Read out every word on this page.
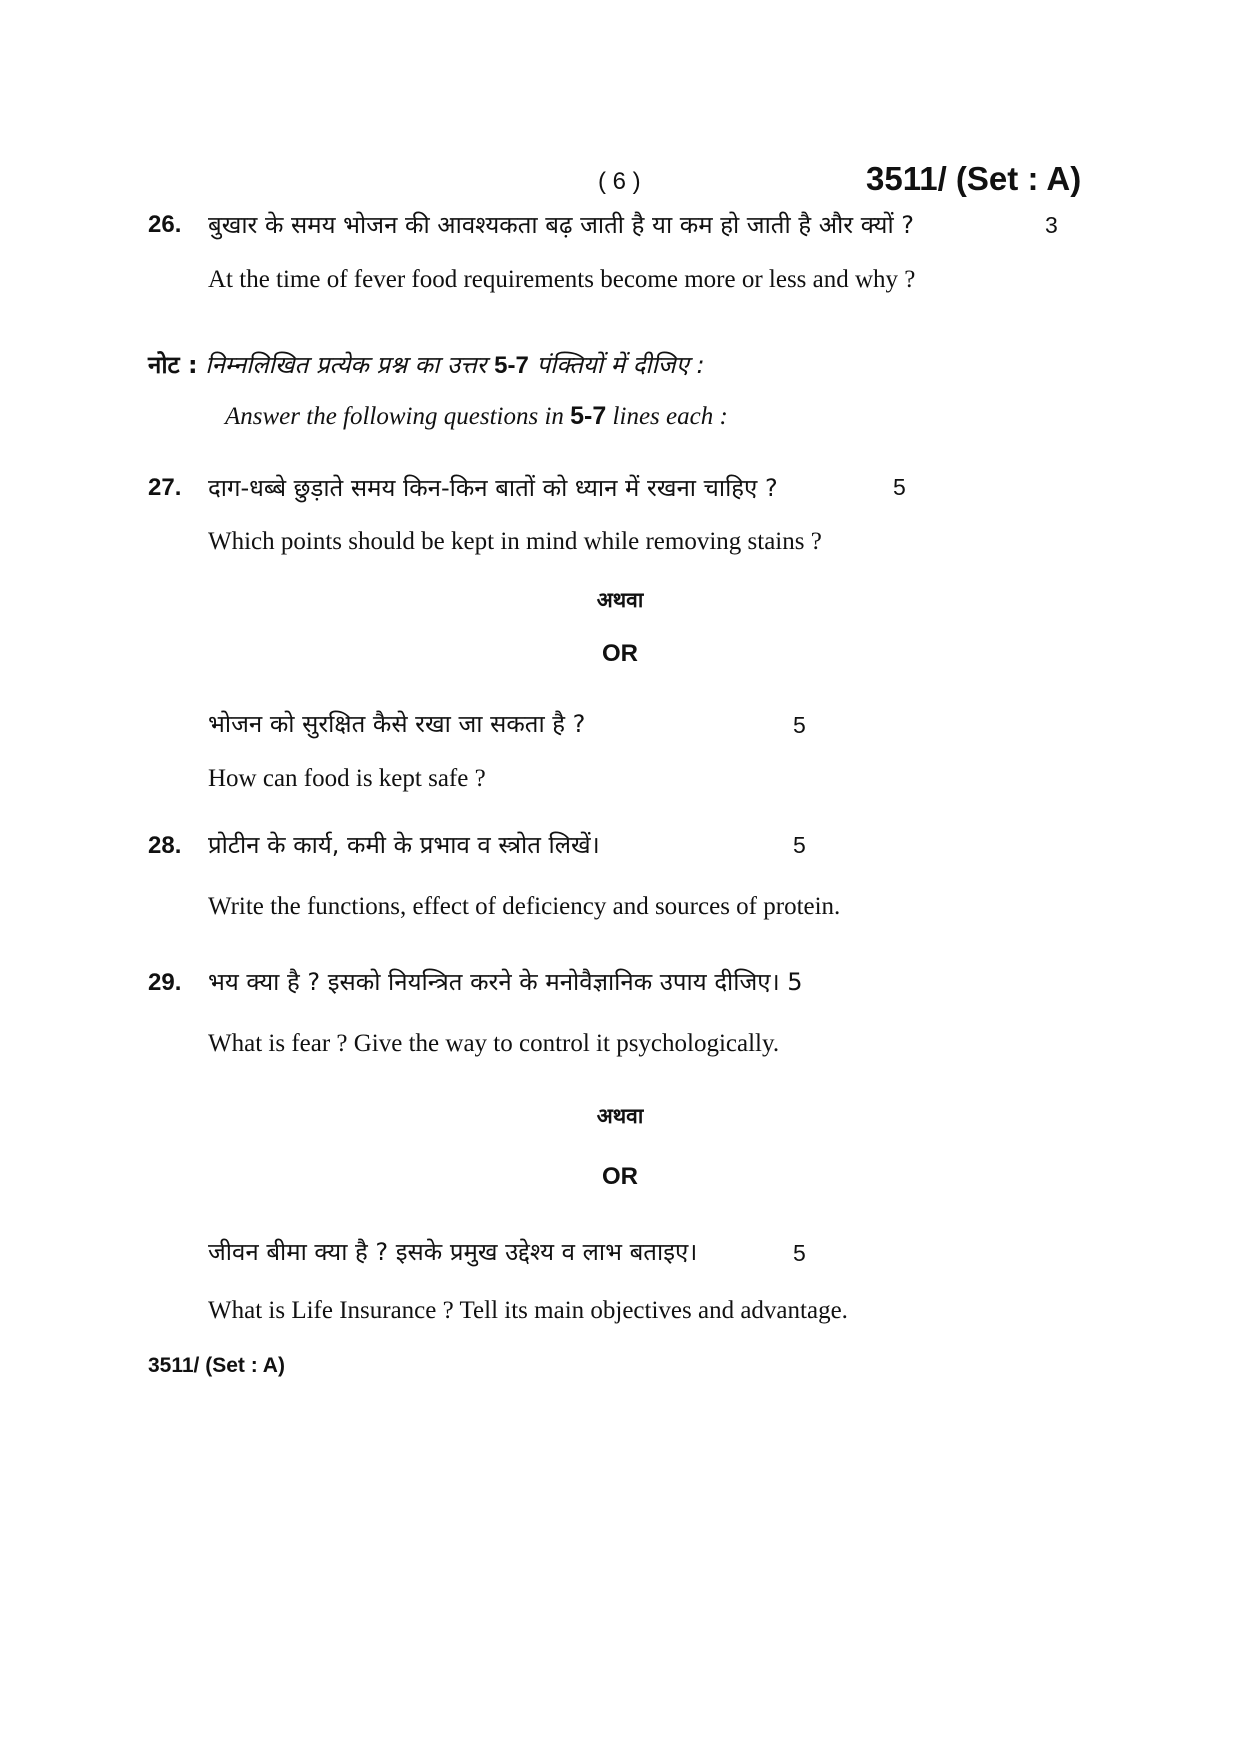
( 6 )	3511/ (Set : A)
26. बुखार के समय भोजन की आवश्यकता बढ़ जाती है या कम हो जाती है और क्यों ?	3
At the time of fever food requirements become more or less and why ?
नोट : निम्नलिखित प्रत्येक प्रश्न का उत्तर 5-7 पंक्तियों में दीजिए :
Answer the following questions in 5-7 lines each :
27. दाग-धब्बे छुड़ाते समय किन-किन बातों को ध्यान में रखना चाहिए ?	5
Which points should be kept in mind while removing stains ?
अथवा
OR
भोजन को सुरक्षित कैसे रखा जा सकता है ?	5
How can food is kept safe ?
28. प्रोटीन के कार्य, कमी के प्रभाव व स्त्रोत लिखें।	5
Write the functions, effect of deficiency and sources of protein.
29. भय क्या है ? इसको नियन्त्रित करने के मनोवैज्ञानिक उपाय दीजिए। 5
What is fear ? Give the way to control it psychologically.
अथवा
OR
जीवन बीमा क्या है ? इसके प्रमुख उद्देश्य व लाभ बताइए।	5
What is Life Insurance ? Tell its main objectives and advantage.
3511/ (Set : A)
